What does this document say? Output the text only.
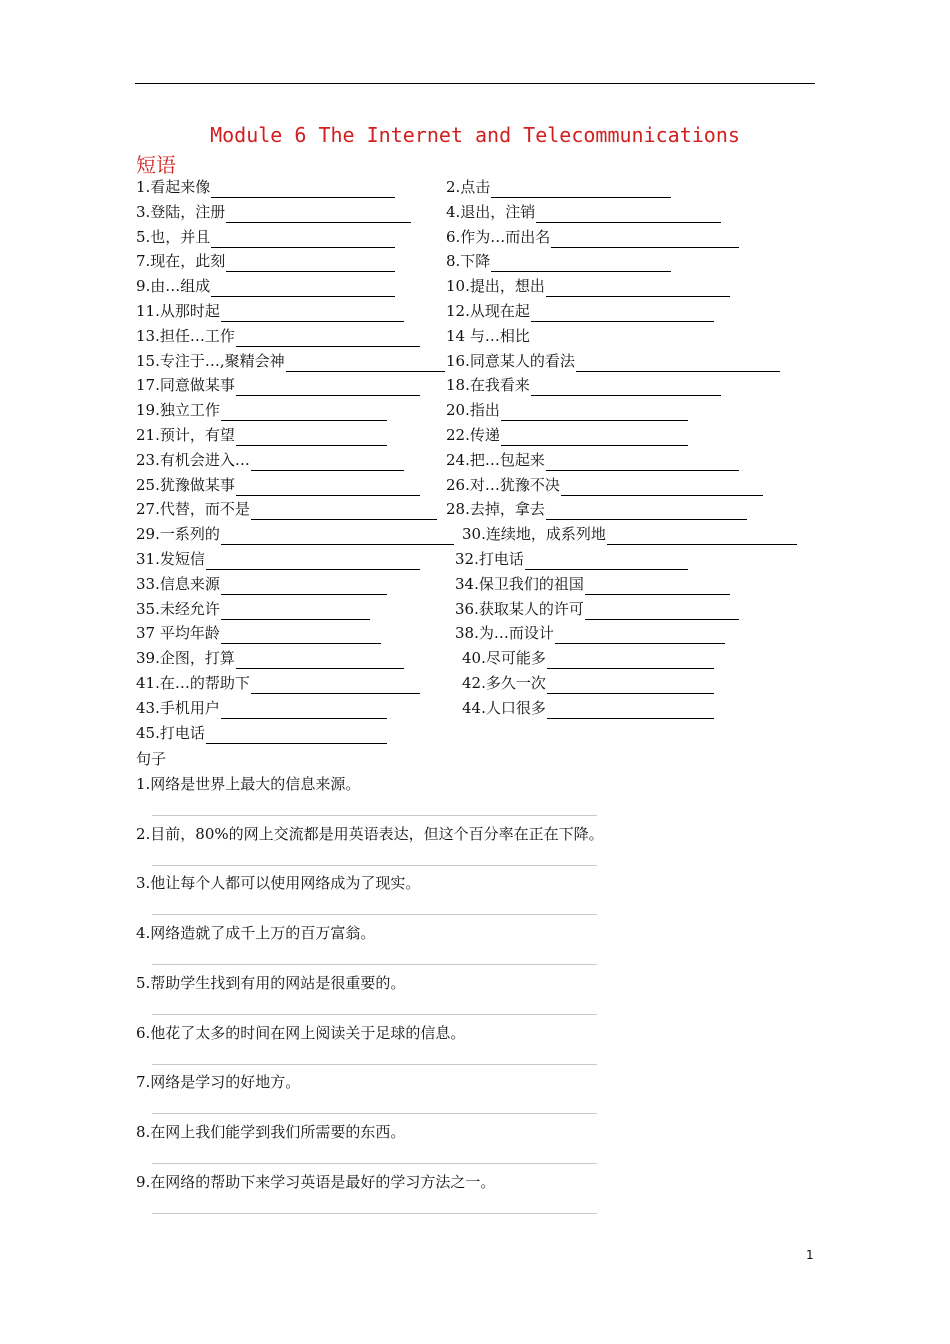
Module 6 The Internet and Telecommunications
短语
1.看起来像	2.点击
3.登陆，注册	4.退出，注销
5.也，并且	6.作为…而出名
7.现在，此刻	8.下降
9.由…组成	10.提出，想出
11.从那时起	12.从现在起
13.担任…工作	14 与…相比
15.专注于…,聚精会神	16.同意某人的看法
17.同意做某事	18.在我看来
19.独立工作	20.指出
21.预计，有望	22.传递
23.有机会进入…	24.把…包起来
25.犹豫做某事	26.对…犹豫不决
27.代替，而不是	28.去掉，拿去
29.一系列的	30.连续地，成系列地
31.发短信	32.打电话
33.信息来源	34.保卫我们的祖国
35.未经允许	36.获取某人的许可
37 平均年龄	38.为…而设计
39.企图，打算	40.尽可能多
41.在…的帮助下	42.多久一次
43.手机用户	44.人口很多
45.打电话
句子
1.网络是世界上最大的信息来源。
2.目前，80%的网上交流都是用英语表达，但这个百分率在正在下降。
3.他让每个人都可以使用网络成为了现实。
4.网络造就了成千上万的百万富翁。
5.帮助学生找到有用的网站是很重要的。
6.他花了太多的时间在网上阅读关于足球的信息。
7.网络是学习的好地方。
8.在网上我们能学到我们所需要的东西。
9.在网络的帮助下来学习英语是最好的学习方法之一。
1
